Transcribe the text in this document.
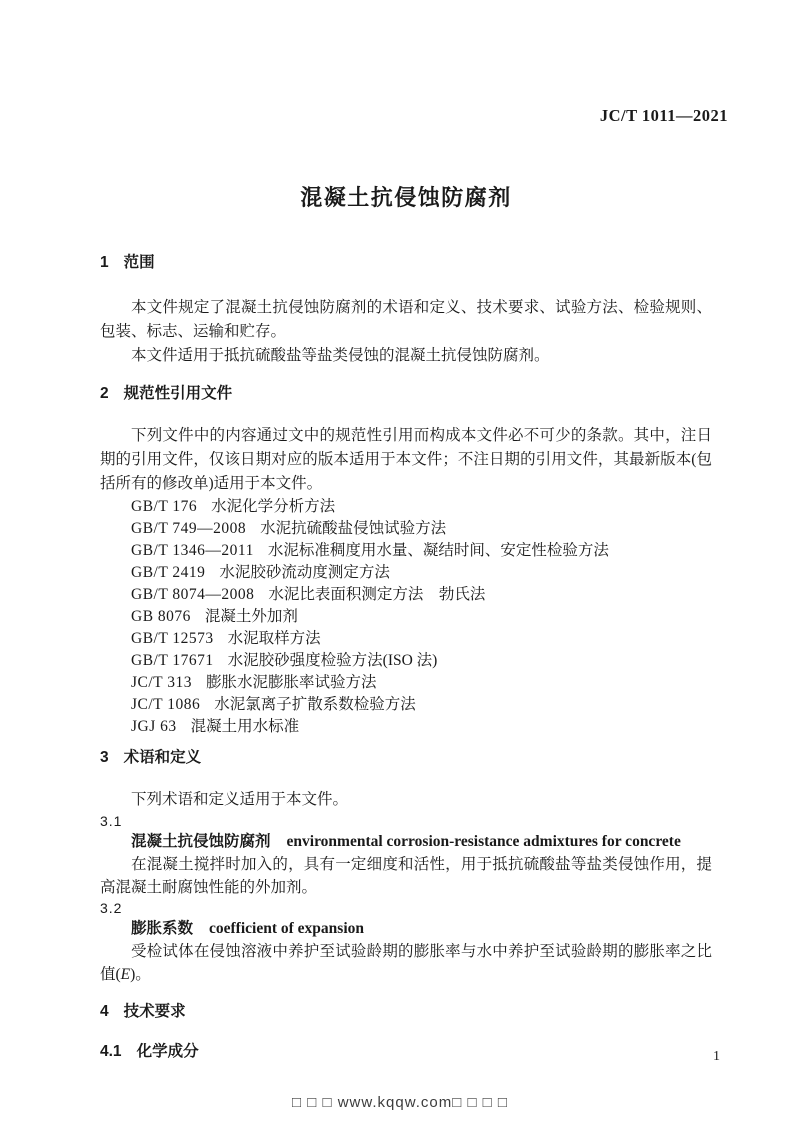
JC/T 1011—2021
混凝土抗侵蚀防腐剂
1 范围

本文件规定了混凝土抗侵蚀防腐剂的术语和定义、技术要求、试验方法、检验规则、包装、标志、运输和贮存。

本文件适用于抵抗硫酸盐等盐类侵蚀的混凝土抗侵蚀防腐剂。

2 规范性引用文件

下列文件中的内容通过文中的规范性引用而构成本文件必不可少的条款。其中，注日期的引用文件，仅该日期对应的版本适用于本文件；不注日期的引用文件，其最新版本(包括所有的修改单)适用于本文件。

GB/T 176 水泥化学分析方法
GB/T 749—2008 水泥抗硫酸盐侵蚀试验方法
GB/T 1346—2011 水泥标准稠度用水量、凝结时间、安定性检验方法
GB/T 2419 水泥胶砂流动度测定方法
GB/T 8074—2008 水泥比表面积测定方法　勃氏法
GB 8076 混凝土外加剂
GB/T 12573 水泥取样方法
GB/T 17671 水泥胶砂强度检验方法(ISO 法)
JC/T 313 膨胀水泥膨胀率试验方法
JC/T 1086 水泥氯离子扩散系数检验方法
JGJ 63 混凝土用水标准
3 术语和定义

下列术语和定义适用于本文件。

3.1
混凝土抗侵蚀防腐剂 environmental corrosion-resistance admixtures for concrete

在混凝土搅拌时加入的，具有一定细度和活性，用于抵抗硫酸盐等盐类侵蚀作用，提高混凝土耐腐蚀性能的外加剂。

3.2
膨胀系数 coefficient of expansion

受检试体在侵蚀溶液中养护至试验龄期的膨胀率与水中养护至试验龄期的膨胀率之比值(E)。

4 技术要求
4.1 化学成分	1
□ □ □ www.kqqw.com□ □ □ □
